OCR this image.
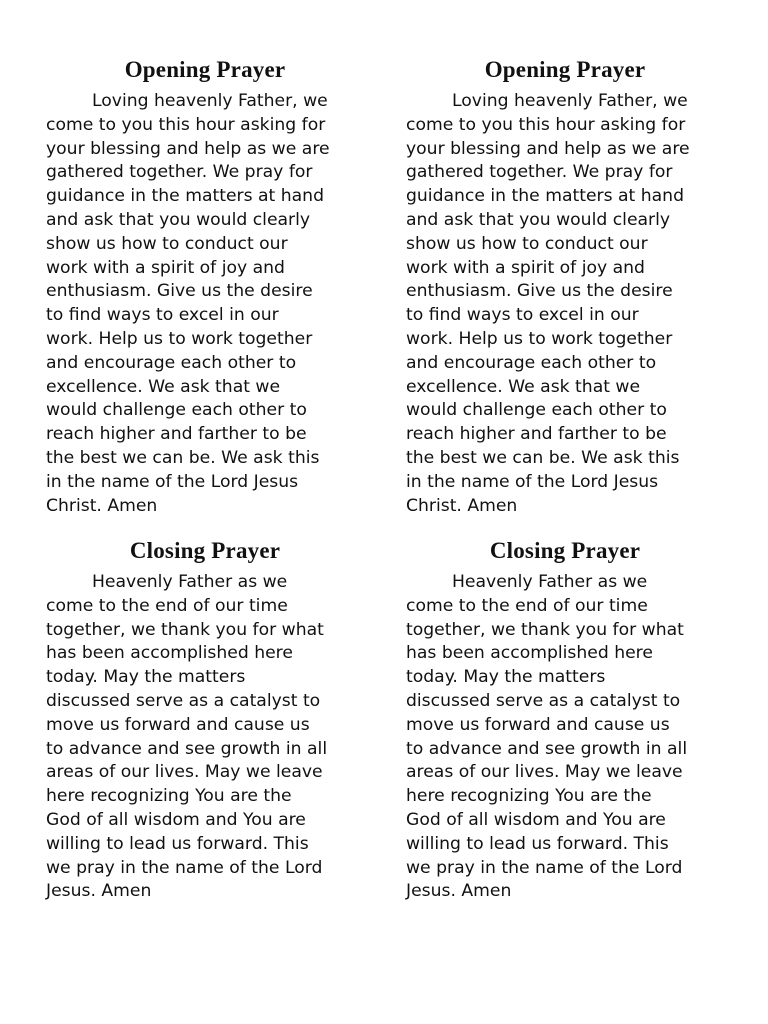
Opening Prayer

Loving heavenly Father, we
come to you this hour asking for
your blessing and help as we are
gathered together. We pray for
guidance in the matters at hand
and ask that you would clearly
show us how to conduct our
work with a spirit of joy and
enthusiasm. Give us the desire
to find ways to excel in our
work. Help us to work together
and encourage each other to
excellence. We ask that we
would challenge each other to
reach higher and farther to be
the best we can be. We ask this
in the name of the Lord Jesus
Christ. Amen

Opening Prayer

Loving heavenly Father, we
come to you this hour asking for
your blessing and help as we are
gathered together. We pray for
guidance in the matters at hand
and ask that you would clearly
show us how to conduct our
work with a spirit of joy and
enthusiasm. Give us the desire
to find ways to excel in our
work. Help us to work together
and encourage each other to
excellence. We ask that we
would challenge each other to
reach higher and farther to be
the best we can be. We ask this
in the name of the Lord Jesus
Christ. Amen

Closing Prayer

Heavenly Father as we
come to the end of our time
together, we thank you for what
has been accomplished here
today. May the matters
discussed serve as a catalyst to
move us forward and cause us
to advance and see growth in all
areas of our lives. May we leave
here recognizing You are the
God of all wisdom and You are
willing to lead us forward. This
we pray in the name of the Lord
Jesus. Amen

Closing Prayer

Heavenly Father as we
come to the end of our time
together, we thank you for what
has been accomplished here
today. May the matters
discussed serve as a catalyst to
move us forward and cause us
to advance and see growth in all
areas of our lives. May we leave
here recognizing You are the
God of all wisdom and You are
willing to lead us forward. This
we pray in the name of the Lord
Jesus. Amen
